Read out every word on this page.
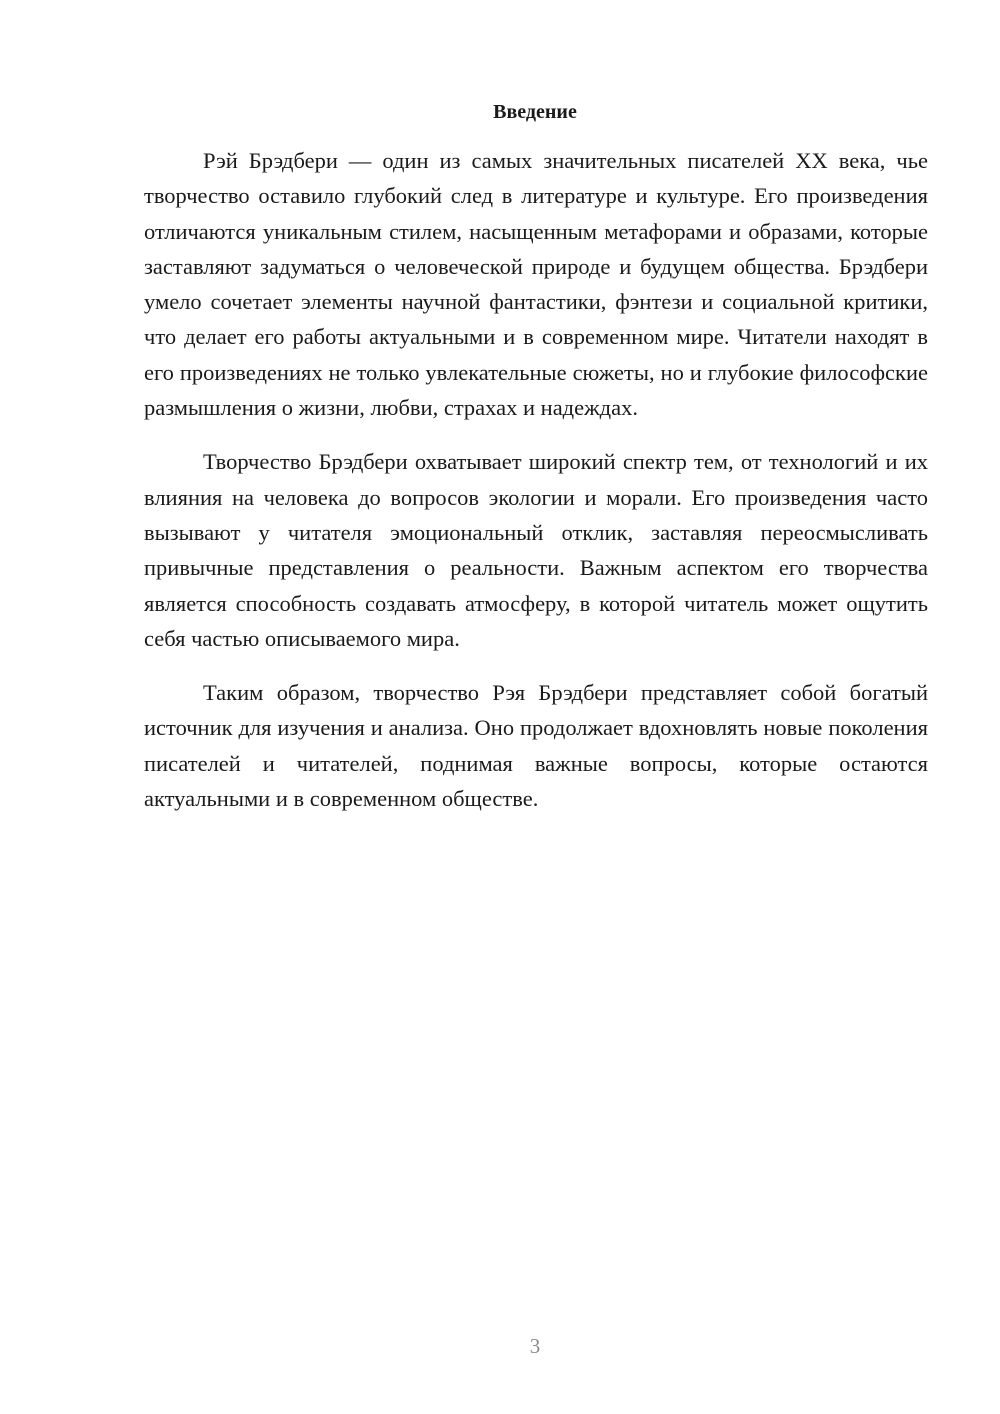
Введение

Рэй Брэдбери — один из самых значительных писателей XX века, чье творчество оставило глубокий след в литературе и культуре. Его произведения отличаются уникальным стилем, насыщенным метафорами и образами, которые заставляют задуматься о человеческой природе и будущем общества. Брэдбери умело сочетает элементы научной фантастики, фэнтези и социальной критики, что делает его работы актуальными и в современном мире. Читатели находят в его произведениях не только увлекательные сюжеты, но и глубокие философские размышления о жизни, любви, страхах и надеждах.

Творчество Брэдбери охватывает широкий спектр тем, от технологий и их влияния на человека до вопросов экологии и морали. Его произведения часто вызывают у читателя эмоциональный отклик, заставляя переосмысливать привычные представления о реальности. Важным аспектом его творчества является способность создавать атмосферу, в которой читатель может ощутить себя частью описываемого мира.

Таким образом, творчество Рэя Брэдбери представляет собой богатый источник для изучения и анализа. Оно продолжает вдохновлять новые поколения писателей и читателей, поднимая важные вопросы, которые остаются актуальными и в современном обществе.

3
